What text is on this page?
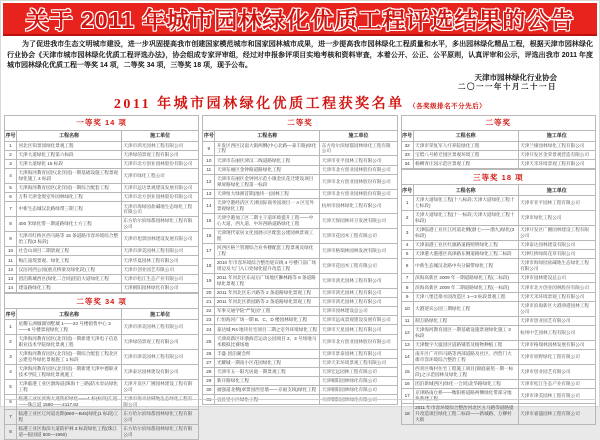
关于 2011 年城市园林绿化优质工程评选结果的公告
为了促进我市生态文明城市建设，进一步巩固提高我市创建国家模范城市和国家园林城市成果，进一步提高我市园林绿化工程质量和水平，多出园林绿化精品工程，根据天津市园林绿化行业协会《天津市城市园林绿化优质工程评选办法》，协会组成专家评审组，经过对申报参评项目实地考核和资料审查，本着公开、公正、公平原则，认真评审和公示，评选出我市 2011 年度城市园林绿化优质工程一等奖 14 项，二等奖 34 项，三等奖 18 项，现予公布。
天津市园林绿化行业协会
二〇一一年十月二十一日
2011 年城市园林绿化优质工程获奖名单 （各奖级排名不分先后）
一等奖 14 项		
序号	工程名称	施工单位
1	河北区知景园绿化景观工程	天津市鸿光园林工程有限公司
2	天津大道绿化工程第六标段	天津绿茵景观工程有限公司
3	天津大道绿化 15 标段	天津市北方创业园林股份有限公司
4	天津海河教育园区(北洋园)一期基础设施工程景观绿化施工 4 标段	天津市绿化工程公司
5	天津海河教育园区(北洋园)一期综合配套工程	天津市远达景观建设发展有限公司
6	万科天津金奥室外园林绿化工程	天津市北方创业园林股份有限公司
7	中新生态城汉北路绿带三期工程	天津市海绿园盐碱地生态绿化工程有限公司
8	400 米绿化带一期道路绿化土方工程	东方哈尔滨绿都园林绿化工程有限公司
9	天津市红桥区西马路等 15 条道路市容环境综合整治工程(2 标段)	天津市旭景园林建设发展有限公司
10	社会山项目二期景观工程	天津市津美园林工程有限公司
11	梅江南堤景观、绿化工程	天津华夏园林工程有限公司
12	汉沽河西公园(重点桥梁及绿化段)工程	天津市创业园艺有限公司
13	团泊新城西区(绿化二合同)团泊大道绿化工程	天津市松江生态产业有限公司
14	建设路绿化工程	天津朝阳园林绿化有限公司
二等奖 34 项		
序号	工程名称	施工单位
1	星耀五洲倾湖别墅城 1——23 号楼销售中心 3——5 号楼景观绿化工程	天津市津美园林工程有限公司
2	天津海河教育园区(北洋园)一期新建天津电子信息职业技术学院绿化景观工程	天津绿茵景观工程有限公司
3	天津海河教育园区(北洋园)一期综合配套工程北区公建室外绿化景观施工 1 标段	天津市津美园林工程有限公司
4	天津海河教育园区(北洋园)一期新建天津中德职业技术学院工程绿化景观施工	天津泰达园林建设有限公司
5	天津临港工业区渤海道(珠海十三路)防水泵站绿化工程	天津开发区广圃园林建设工程有限公司
6	临港工业区滨海大道防护绿化——1 标(标段)汇道——珠江道 1580——2117.82	天津市海平盐碱地生态绿化工程有限公司
7	临港工业区辽河道北期(B60—B45)绿化(1 标段)工程	东方哈尔滨绿都园林绿化工程有限公司
8	临港工业区海滨大道防护林 3 标段绿化工程(珠江道—报国道 500—1960)	东方哈尔滨绿都园林绿化工程有限公司
二等奖		
序号	工程名称	施工单位
9	开发区西区汉南大街两侧(中心北路—泰丰路)绿化工程	东方哈尔滨绿都园林绿化工程有限公司
10	天津市东丽区津汉二线道路绿化工程	天津市亚平园林工程有限公司
11	天津东丽区金钟路道路绿化工程	天津市北方创业园林股份有限公司
12	天津市东丽区金钟河示范小镇金民花迁建设项目翠屏路绿化工程第一标段	天津市北方创业园林股份有限公司
13	天津恒大绿洲首期(地块一)园林工程	天津市北方创业园林股份有限公司
14	天津空港经济区天津国际商务园项目一 A 区室外景观绿化工程	杭州市园林绿化工程有限公司
15	天津空港加工区二期主干道环境提升工程——中心大道、西九道、中环西路道路绿化工程	天津天保园林环卫发展有限公司
16	天津现代家居文化园展示区配套公建园林景观工程	天津市花园木工程有限公司
17	河西区格兰管理综合业务楼配套工程景观及绿化工程	天津市格瑞林园林发展有限公司
18	2010 年市容环境综合整治迎宾线 4 号楼门前广场周边及大门入口处绿化提升改造工程	天津市花园木工程有限公司
19	2011 年河北区东站后广场地区狮林路等 8 条道路绿化景观工程	天津市鸿光园林工程有限公司
20	2011 年河北区东兴路等 2 条道路绿化景观工程	天津市鸿光园林工程有限公司
21	2011 年河北区新园路等 2 条道路绿化景观工程	天津市鸿光园林工程有限公司
22	军事交通学院“严复园”工程	天津市园林建设总公司
23	仁恒海河广场一期 B、C、D 楼园林绿化工程	天津市远成景观建设发展有限公司
24	泰达城 R4 地块住宅项目二期之室外环境绿化工程	天津市天星园林工程有限公司
25	天津高新区环渤海首运动公园项目 2、3 号场地马术模拟比赛场地	天津市北方创业园林股份有限公司
26	丰盛·团泊湖会所	天津市景泰园林工程有限公司
27	光耀城一期南小区花园绿化工程	天津天禾环境景观工程有限公司
28	天津市五一阳光居庭一期景观工程	天津宏远园林工程有限公司
29	新开路绿化工程	天津朝阳园林绿化有限公司
30	福强道北侧(翠景园西里墙——京福支线)绿化工程	天津朝阳园林绿化有限公司
31	宜民里小区绿化工程	天津朝阳园林绿化有限公司
二等奖		
序号	工程名称	施工单位
32	天津市荣复军人疗养院绿化工程	天津兰棣园林绿化工程有限公司
33	宝坻八号桥迁园区景观环境工程	天津开发区金荣景观营造有限公司
34	杨柳青庄园示范区景观工程	天津天禾环境景观工程有限公司
三等奖 18 项		
序号	工程名称	施工单位
1	天津大道绿化工程(十八标段;天津大道绿化工程十七标段)	天津市亚平园林工程有限公司
2	天津大道绿化工程(十一标段;天津大道绿化工程十标段)	天津市绿化工程公司
3	天津临港工业区江河道北侧(渤七——渤九)绿化(3 标段)	天津开发区广圃园林建设工程有限公司
4	天津南港工业区红旗路道路照明绿化工程	天津泰达园林建设有限公司
5	天津港大港港区高津路东侧道路绿化工程二标段	天津红桥绿荫花草有限公司
6	中新生态城汉北路中央分隔带绿化工程	天津市海绿园盐碱地生态绿化工程有限公司
7	滨海高新区 2009 年一期道路绿化工程(二标段)	天津市园林建设总公司
8	滨海高新区 2009 年二期道路绿化工程(一标段)	天津市北方创业园林股份有限公司
9	天津八堡洼排水园改造区 1—3 标段景观工程	天津天禾环境景观工程有限公司
10	大港迎宾公园三期绿化工程	天津市滨海新区大港津港园林工程公司
11	制万路绿化工程	天津市创业园艺有限公司
12	天津海河教育园区一期基础设施景观绿化施工 3 标段	杭州中艺园林工程有限公司
13	天津数字大厦园区道路铺装及植物种植工程	天津市格瑞林园林发展有限公司
14	南开区广开四马路等西部道路及社区、西营门大街市容环境综合整治工程	天津市原野绿化工程有限公司
15	西青区梅村住宅工程施工项目(锦庭嘉苑一期一标段)之示范园林及绿化工程	天津市创业园艺有限公司
16	团泊新城西区(绿化一合同)北华路绿化工程	天津市松江生态产业有限公司
17	京津路南仓桥——衡阳桥道路两侧绿化带部分地块新建工程	天津市津美园林工程有限公司
18	2011 年市容环境综合整治河北区五马路等道路提升改造项目绿化工程二标段——新城路、万柳村大街	天津市嘉盛园林工程有限公司
